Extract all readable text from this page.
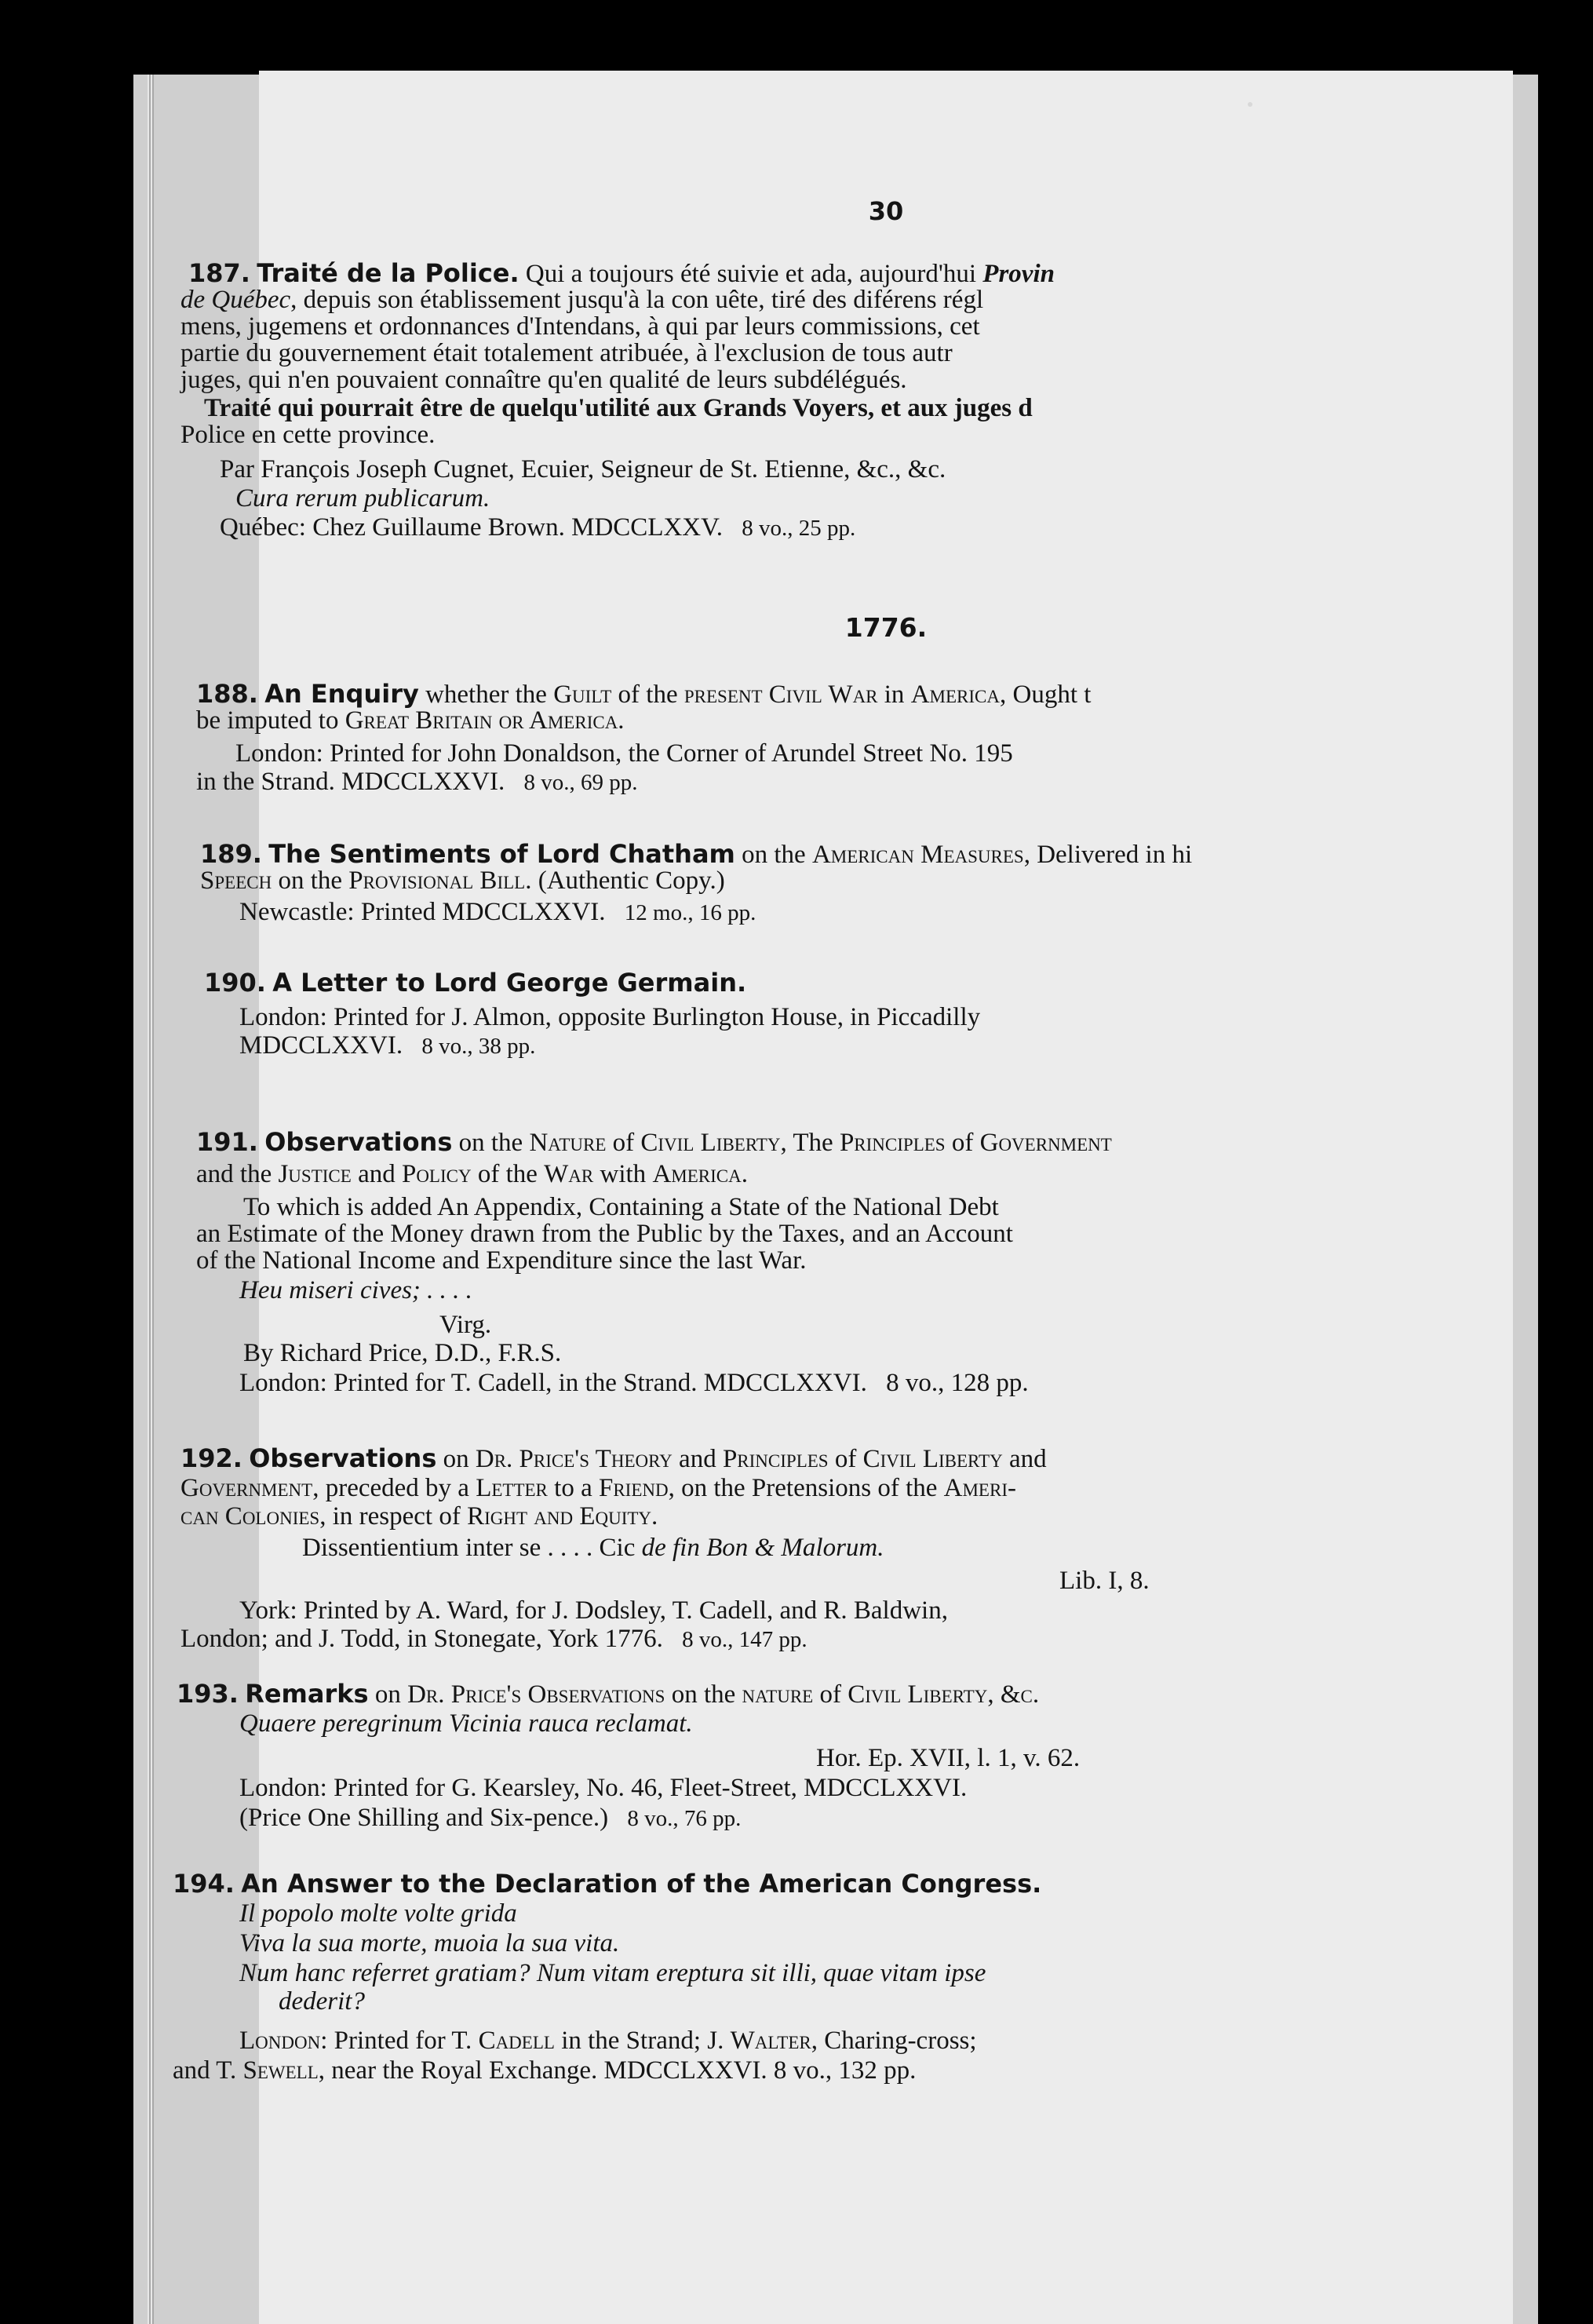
30
187. Traité de la Police. Qui a toujours été suivie et ada, aujourd'hui Provin
de Québec, depuis son établissement jusqu'à la con uête, tiré des diférens régl
mens, jugemens et ordonnances d'Intendans, à qui par leurs commissions, cet
partie du gouvernement était totalement atribuée, à l'exclusion de tous autr
juges, qui n'en pouvaient connaître qu'en qualité de leurs subdélégués.
Traité qui pourrait être de quelqu'utilité aux Grands Voyers, et aux juges d
Police en cette province.
Par François Joseph Cugnet, Ecuier, Seigneur de St. Etienne, &c., &c.
Cura rerum publicarum.
Québec: Chez Guillaume Brown. MDCCLXXV. 8 vo., 25 pp.
1776.
188. An Enquiry whether the Guilt of the present Civil War in America, Ought t
be imputed to Great Britain or America.
London: Printed for John Donaldson, the Corner of Arundel Street No. 195
in the Strand. MDCCLXXVI. 8 vo., 69 pp.
189. The Sentiments of Lord Chatham on the American Measures, Delivered in hi
Speech on the Provisional Bill. (Authentic Copy.)
Newcastle: Printed MDCCLXXVI. 12 mo., 16 pp.
190. A Letter to Lord George Germain.
London: Printed for J. Almon, opposite Burlington House, in Piccadilly
MDCCLXXVI. 8 vo., 38 pp.
191. Observations on the Nature of Civil Liberty, The Principles of Government
and the Justice and Policy of the War with America.
To which is added An Appendix, Containing a State of the National Debt
an Estimate of the Money drawn from the Public by the Taxes, and an Account
of the National Income and Expenditure since the last War.
Heu miseri cives; . . . .
Virg.
By Richard Price, D.D., F.R.S.
London: Printed for T. Cadell, in the Strand. MDCCLXXVI. 8 vo., 128 pp.
192. Observations on Dr. Price's Theory and Principles of Civil Liberty and
Government, preceded by a Letter to a Friend, on the Pretensions of the Ameri-
can Colonies, in respect of Right and Equity.
Dissentientium inter se . . . . Cic de fin Bon & Malorum.
Lib. I, 8.
York: Printed by A. Ward, for J. Dodsley, T. Cadell, and R. Baldwin,
London; and J. Todd, in Stonegate, York 1776. 8 vo., 147 pp.
193. Remarks on Dr. Price's Observations on the nature of Civil Liberty, &c.
Quaere peregrinum Vicinia rauca reclamat.
Hor. Ep. XVII, l. 1, v. 62.
London: Printed for G. Kearsley, No. 46, Fleet-Street, MDCCLXXVI.
(Price One Shilling and Six-pence.) 8 vo., 76 pp.
194. An Answer to the Declaration of the American Congress.
Il popolo molte volte grida
Viva la sua morte, muoia la sua vita.
Num hanc referret gratiam? Num vitam ereptura sit illi, quae vitam ipse
dederit?
London: Printed for T. Cadell in the Strand; J. Walter, Charing-cross;
and T. Sewell, near the Royal Exchange. MDCCLXXVI. 8 vo., 132 pp.
